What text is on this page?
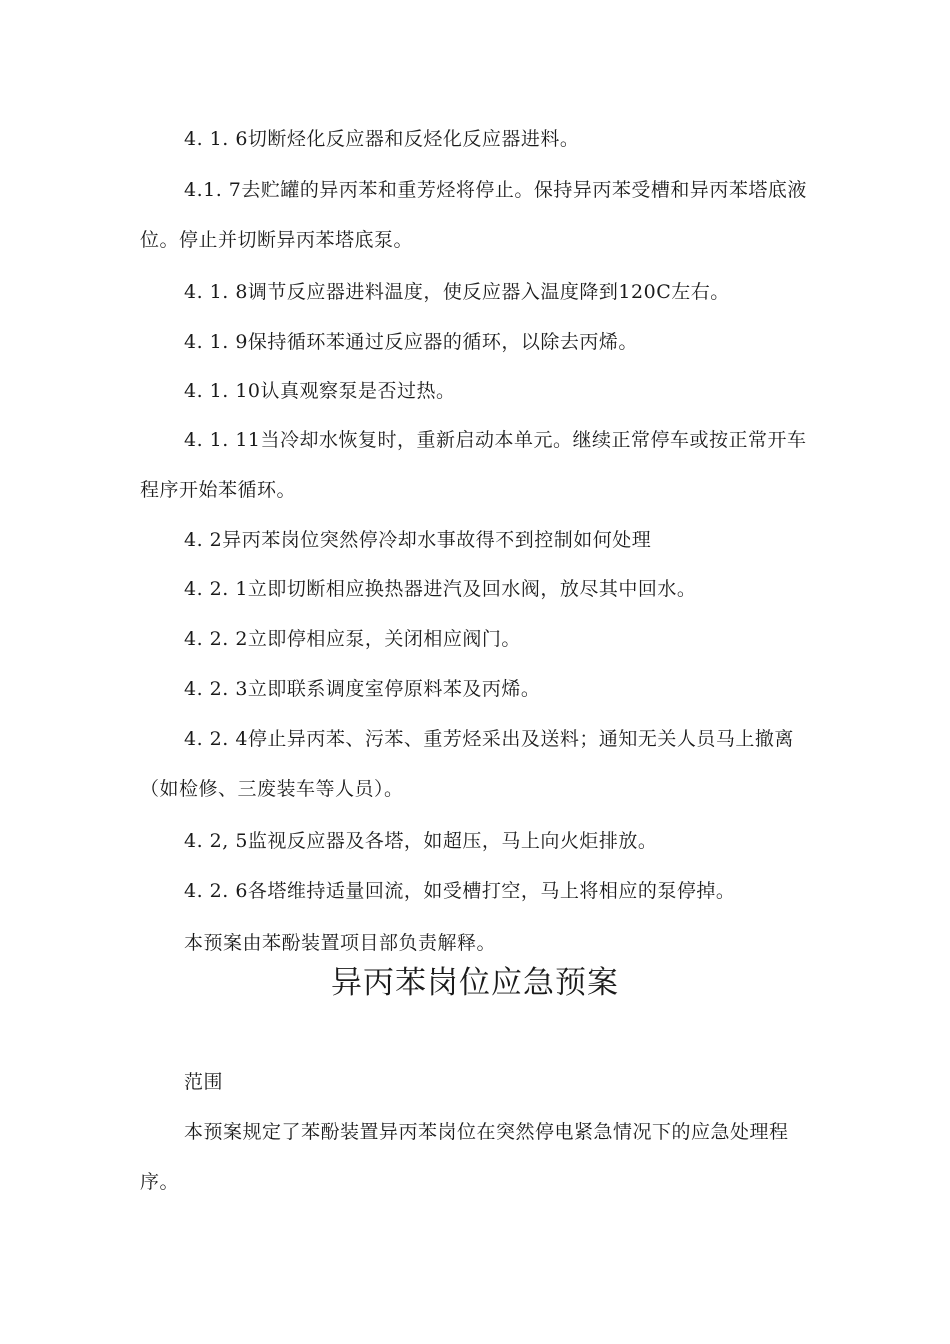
4. 1. 6切断烃化反应器和反烃化反应器进料。

4.1. 7去贮罐的异丙苯和重芳烃将停止。保持异丙苯受槽和异丙苯塔底液位。停止并切断异丙苯塔底泵。

4. 1. 8调节反应器进料温度，使反应器入温度降到120C左右。

4. 1. 9保持循环苯通过反应器的循环，以除去丙烯。

4. 1. 10认真观察泵是否过热。

4. 1. 11当冷却水恢复时，重新启动本单元。继续正常停车或按正常开车程序开始苯循环。

4. 2异丙苯岗位突然停冷却水事故得不到控制如何处理

4. 2. 1立即切断相应换热器进汽及回水阀，放尽其中回水。

4. 2. 2立即停相应泵，关闭相应阀门。

4. 2. 3立即联系调度室停原料苯及丙烯。

4. 2. 4停止异丙苯、污苯、重芳烃采出及送料；通知无关人员马上撤离（如检修、三废装车等人员）。

4. 2, 5监视反应器及各塔，如超压，马上向火炬排放。

4. 2. 6各塔维持适量回流，如受槽打空，马上将相应的泵停掉。

本预案由苯酚装置项目部负责解释。

异丙苯岗位应急预案

范围

本预案规定了苯酚装置异丙苯岗位在突然停电紧急情况下的应急处理程序。
